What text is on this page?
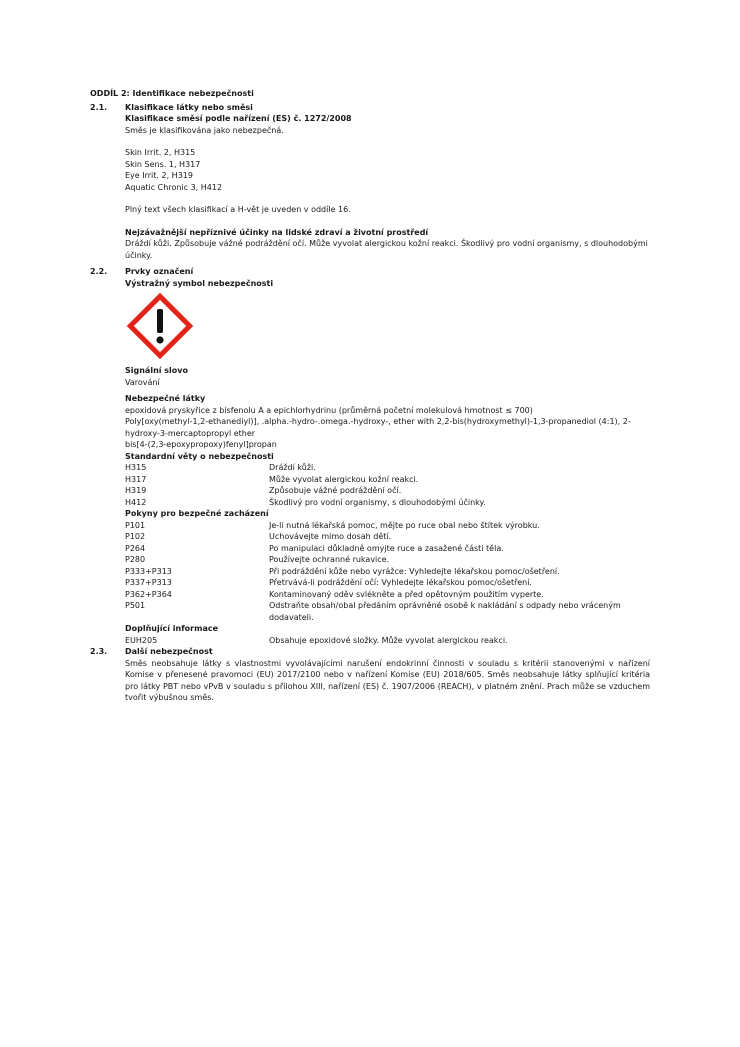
ODDÍL 2: Identifikace nebezpečnosti
2.1.	Klasifikace látky nebo směsi
Klasifikace směsí podle nařízení (ES) č. 1272/2008
Směs je klasifikována jako nebezpečná.
Skin Irrit. 2, H315
Skin Sens. 1, H317
Eye Irrit. 2, H319
Aquatic Chronic 3, H412
Plný text všech klasifikací a H-vět je uveden v oddíle 16.
Nejzávažnější nepříznivé účinky na lidské zdraví a životní prostředí
Dráždí kůži. Způsobuje vážné podráždění očí. Může vyvolat alergickou kožní reakci. Škodlivý pro vodní organismy, s dlouhodobými účinky.
2.2.	Prvky označení
Výstražný symbol nebezpečnosti
Signální slovo
Varování
Nebezpečné látky
epoxidová pryskyřice z bisfenolu A a epichlorhydrinu (průměrná početní molekulová hmotnost ≤ 700)
Poly[oxy(methyl-1,2-ethanediyl)], .alpha.-hydro-.omega.-hydroxy-, ether with 2,2-bis(hydroxymethyl)-1,3-propanediol (4:1), 2-hydroxy-3-mercaptopropyl ether
bis[4-(2,3-epoxypropoxy)fenyl]propan
Standardní věty o nebezpečnosti
H315	Dráždí kůži.
H317	Může vyvolat alergickou kožní reakci.
H319	Způsobuje vážné podráždění očí.
H412	Škodlivý pro vodní organismy, s dlouhodobými účinky.
Pokyny pro bezpečné zacházení
P101	Je-li nutná lékařská pomoc, mějte po ruce obal nebo štítek výrobku.
P102	Uchovávejte mimo dosah dětí.
P264	Po manipulaci důkladně omyjte ruce a zasažené části těla.
P280	Používejte ochranné rukavice.
P333+P313	Při podráždění kůže nebo vyrážce: Vyhledejte lékařskou pomoc/ošetření.
P337+P313	Přetrvává-li podráždění očí: Vyhledejte lékařskou pomoc/ošetření.
P362+P364	Kontaminovaný oděv svlékněte a před opětovným použitím vyperte.
P501	Odstraňte obsah/obal předáním oprávněné osobě k nakládání s odpady nebo vráceným dodavateli.
Doplňující informace
EUH205	Obsahuje epoxidové složky. Může vyvolat alergickou reakci.
2.3.	Další nebezpečnost
Směs neobsahuje látky s vlastnostmi vyvolávajícími narušení endokrinní činnosti v souladu s kritérii stanovenými v nařízení Komise v přenesené pravomoci (EU) 2017/2100 nebo v nařízení Komise (EU) 2018/605. Směs neobsahuje látky splňující kritéria pro látky PBT nebo vPvB v souladu s přílohou XIII, nařízení (ES) č. 1907/2006 (REACH), v platném znění. Prach může se vzduchem tvořit výbušnou směs.
